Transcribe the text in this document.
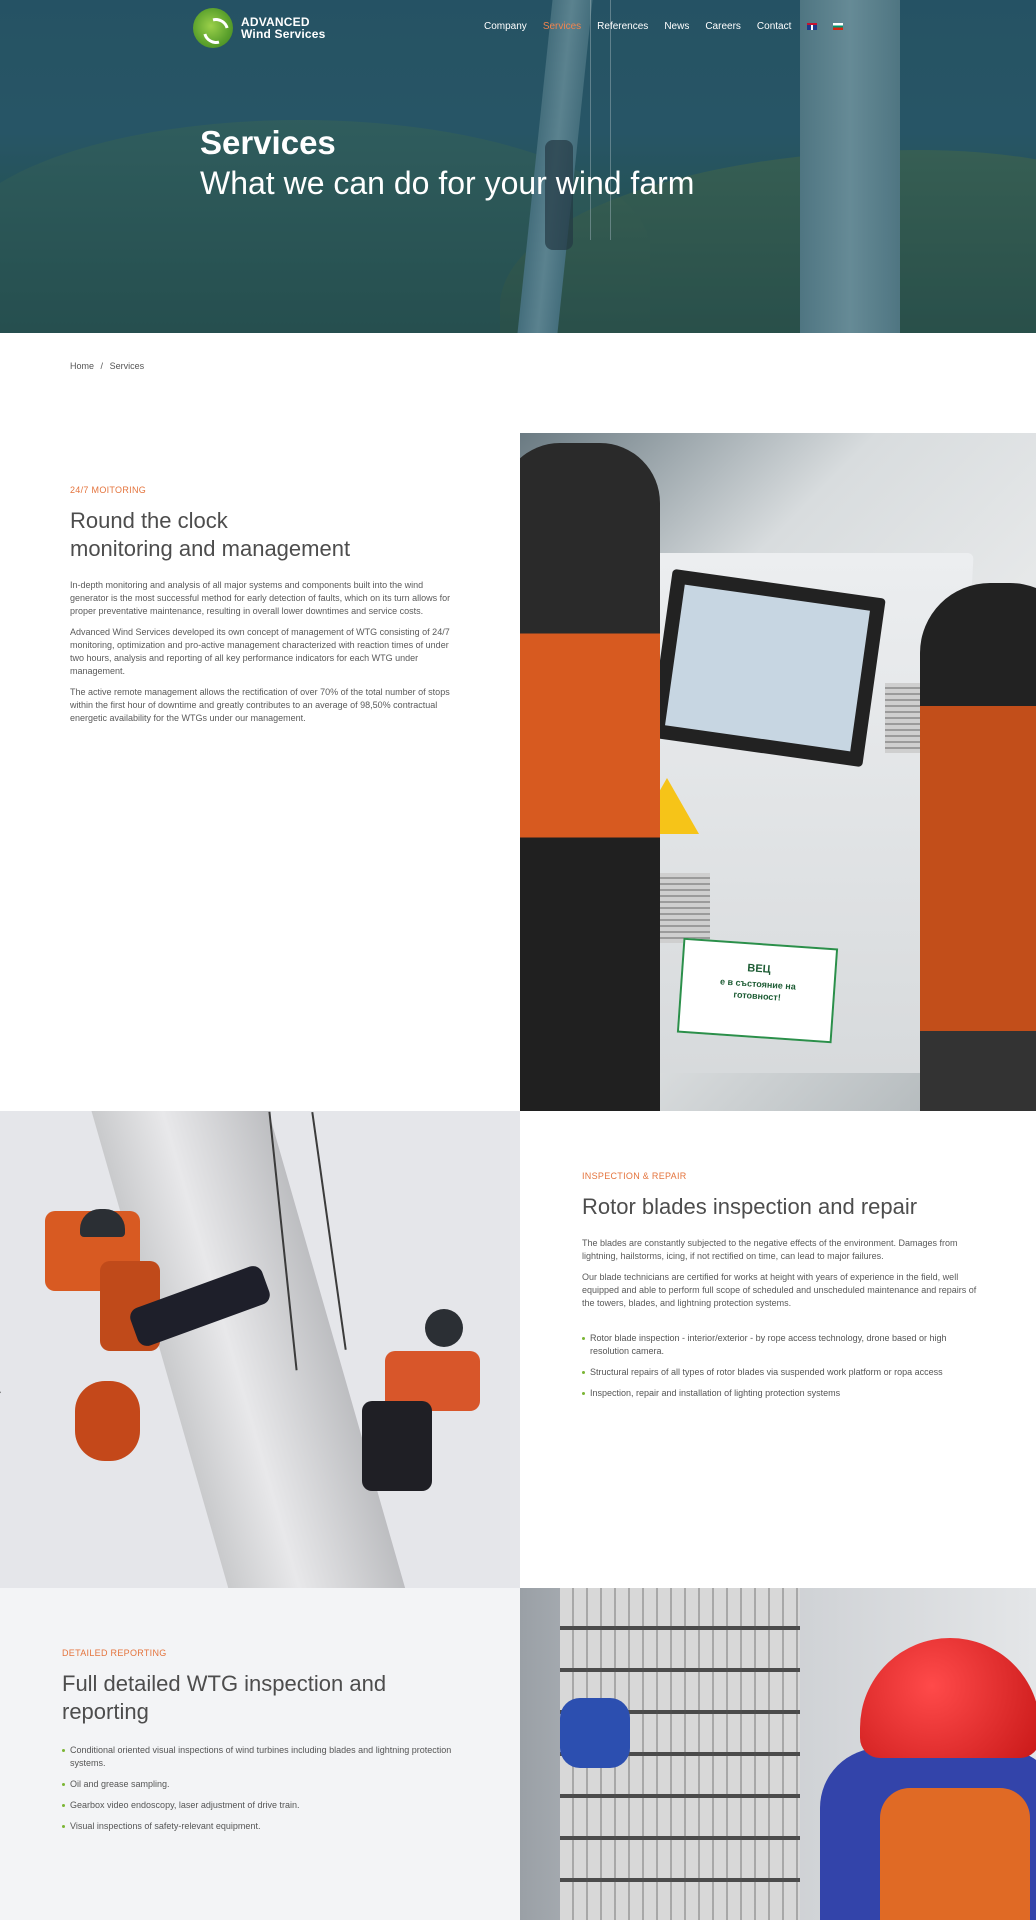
ADVANCED
Wind Services
Company Services References News Careers Contact
Services
What we can do for your wind farm
Home / Services
24/7 MOITORING
Round the clock
monitoring and management

In-depth monitoring and analysis of all major systems and components built into the wind generator is the most successful method for early detection of faults, which on its turn allows for proper preventative maintenance, resulting in overall lower downtimes and service costs.

Advanced Wind Services developed its own concept of management of WTG consisting of 24/7 monitoring, optimization and pro-active management characterized with reaction times of under two hours, analysis and reporting of all key performance indicators for each WTG under management.

The active remote management allows the rectification of over 70% of the total number of stops within the first hour of downtime and greatly contributes to an average of 98,50% contractual energetic availability for the WTGs under our management.

ВЕЦ
е в състояние на
готовност!
INSPECTION & REPAIR
Rotor blades inspection and repair

The blades are constantly subjected to the negative effects of the environment. Damages from lightning, hailstorms, icing, if not rectified on time, can lead to major failures.

Our blade technicians are certified for works at height with years of experience in the field, well equipped and able to perform full scope of scheduled and unscheduled maintenance and repairs of the towers, blades, and lightning protection systems.

Rotor blade inspection - interior/exterior - by rope access technology, drone based or high resolution camera.
Structural repairs of all types of rotor blades via suspended work platform or ropa access
Inspection, repair and installation of lighting protection systems
DETAILED REPORTING
Full detailed WTG inspection and reporting
Conditional oriented visual inspections of wind turbines including blades and lightning protection systems.
Oil and grease sampling.
Gearbox video endoscopy, laser adjustment of drive train.
Visual inspections of safety-relevant equipment.
